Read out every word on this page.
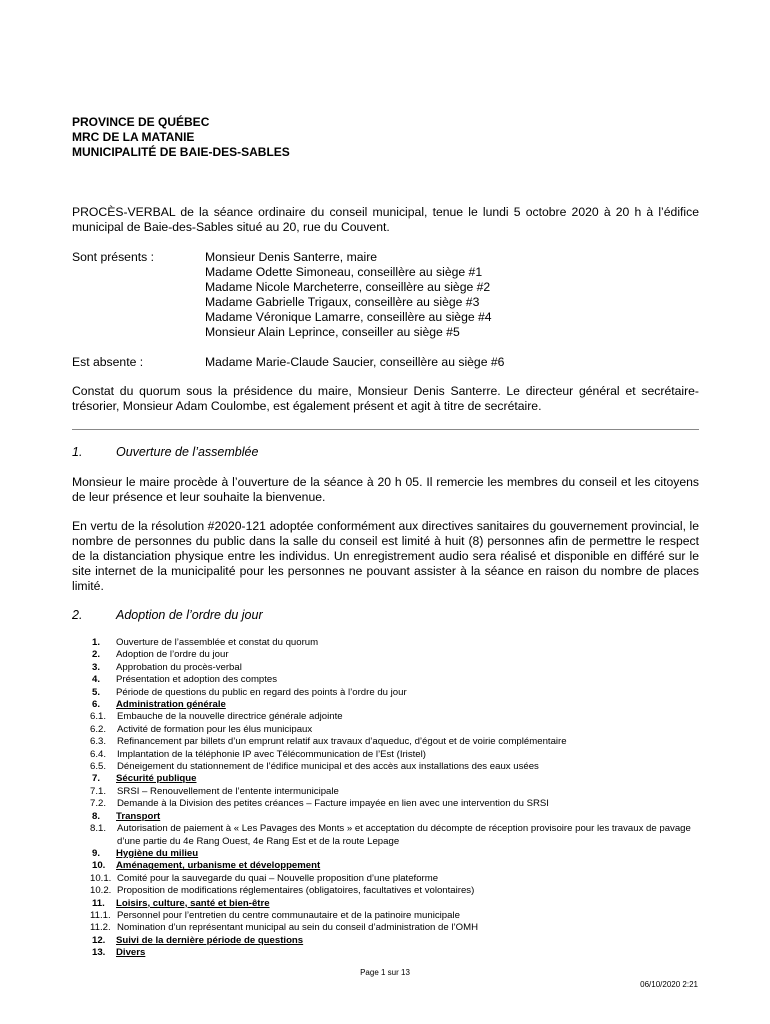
PROVINCE DE QUÉBEC
MRC DE LA MATANIE
MUNICIPALITÉ DE BAIE-DES-SABLES
PROCÈS-VERBAL de la séance ordinaire du conseil municipal, tenue le lundi 5 octobre 2020 à 20 h à l’édifice municipal de Baie-des-Sables situé au 20, rue du Couvent.
Sont présents :	Monsieur Denis Santerre, maire
Madame Odette Simoneau, conseillère au siège #1
Madame Nicole Marcheterre, conseillère au siège #2
Madame Gabrielle Trigaux, conseillère au siège #3
Madame Véronique Lamarre, conseillère au siège #4
Monsieur Alain Leprince, conseiller au siège #5
Est absente :	Madame Marie-Claude Saucier, conseillère au siège #6
Constat du quorum sous la présidence du maire, Monsieur Denis Santerre. Le directeur général et secrétaire-trésorier, Monsieur Adam Coulombe, est également présent et agit à titre de secrétaire.
1.	Ouverture de l’assemblée
Monsieur le maire procède à l’ouverture de la séance à 20 h 05. Il remercie les membres du conseil et les citoyens de leur présence et leur souhaite la bienvenue.
En vertu de la résolution #2020-121 adoptée conformément aux directives sanitaires du gouvernement provincial, le nombre de personnes du public dans la salle du conseil est limité à huit (8) personnes afin de permettre le respect de la distanciation physique entre les individus. Un enregistrement audio sera réalisé et disponible en différé sur le site internet de la municipalité pour les personnes ne pouvant assister à la séance en raison du nombre de places limité.
2.	Adoption de l’ordre du jour
1.	Ouverture de l’assemblée et constat du quorum
2.	Adoption de l’ordre du jour
3.	Approbation du procès-verbal
4.	Présentation et adoption des comptes
5.	Période de questions du public en regard des points à l’ordre du jour
6.	Administration générale
6.1.	Embauche de la nouvelle directrice générale adjointe
6.2.	Activité de formation pour les élus municipaux
6.3.	Refinancement par billets d’un emprunt relatif aux travaux d’aqueduc, d’égout et de voirie complémentaire
6.4.	Implantation de la téléphonie IP avec Télécommunication de l’Est (Iristel)
6.5.	Déneigement du stationnement de l’édifice municipal et des accès aux installations des eaux usées
7.	Sécurité publique
7.1.	SRSI – Renouvellement de l’entente intermunicipale
7.2.	Demande à la Division des petites créances – Facture impayée en lien avec une intervention du SRSI
8.	Transport
8.1.	Autorisation de paiement à « Les Pavages des Monts » et acceptation du décompte de réception provisoire pour les travaux de pavage d’une partie du 4e Rang Ouest, 4e Rang Est et de la route Lepage
9.	Hygiène du milieu
10.	Aménagement, urbanisme et développement
10.1. Comité pour la sauvegarde du quai – Nouvelle proposition d’une plateforme
10.2. Proposition de modifications réglementaires (obligatoires, facultatives et volontaires)
11.	Loisirs, culture, santé et bien-être
11.1. Personnel pour l’entretien du centre communautaire et de la patinoire municipale
11.2. Nomination d’un représentant municipal au sein du conseil d’administration de l’OMH
12.	Suivi de la dernière période de questions
13.	Divers
Page 1 sur 13
06/10/2020 2:21
